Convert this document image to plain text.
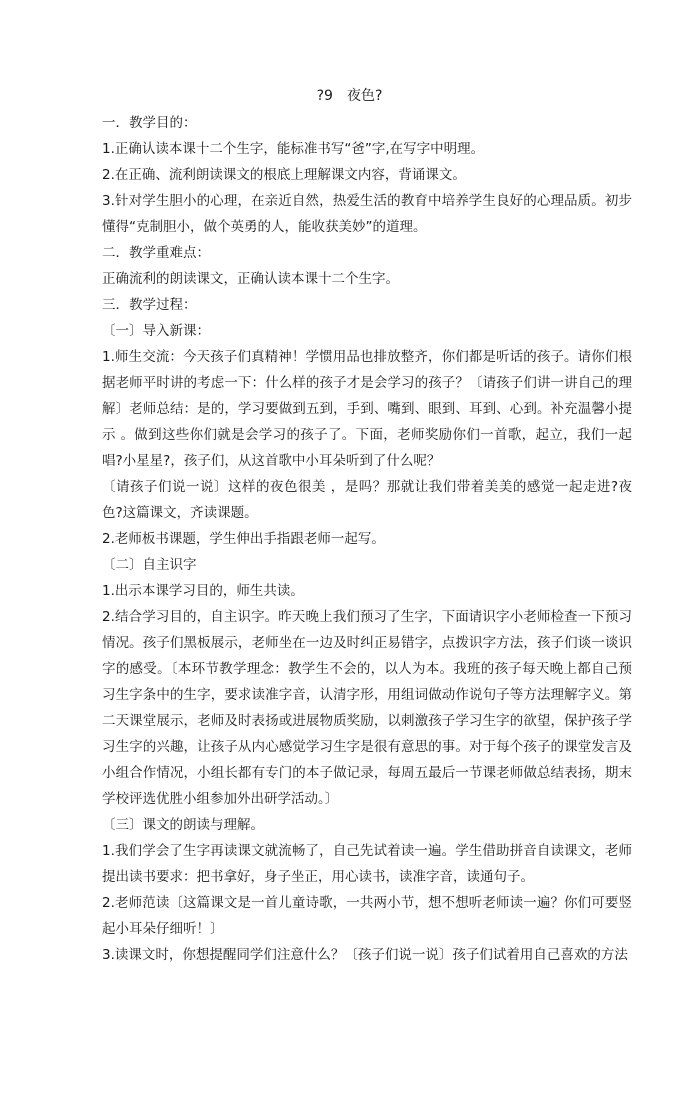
?9　夜色?

一．教学目的：

1.正确认读本课十二个生字，能标准书写“爸”字,在写字中明理。

2.在正确、流利朗读课文的根底上理解课文内容，背诵课文。

3.针对学生胆小的心理，在亲近自然，热爱生活的教育中培养学生良好的心理品质。初步懂得“克制胆小，做个英勇的人，能收获美妙”的道理。

二．教学重难点：

正确流利的朗读课文，正确认读本课十二个生字。

三．教学过程：

〔一〕导入新课：

1.师生交流：今天孩子们真精神！学惯用品也排放整齐，你们都是听话的孩子。请你们根据老师平时讲的考虑一下：什么样的孩子才是会学习的孩子？〔请孩子们讲一讲自己的理解〕老师总结：是的，学习要做到五到，手到、嘴到、眼到、耳到、心到。补充温馨小提示 。做到这些你们就是会学习的孩子了。下面，老师奖励你们一首歌，起立，我们一起唱?小星星?，孩子们，从这首歌中小耳朵听到了什么呢？

〔请孩子们说一说〕这样的夜色很美 ，是吗？那就让我们带着美美的感觉一起走进?夜色?这篇课文，齐读课题。

2.老师板书课题，学生伸出手指跟老师一起写。

〔二〕自主识字

1.出示本课学习目的，师生共读。

2.结合学习目的，自主识字。昨天晚上我们预习了生字，下面请识字小老师检查一下预习情况。孩子们黑板展示，老师坐在一边及时纠正易错字，点拨识字方法，孩子们谈一谈识字的感受。〔本环节教学理念：教学生不会的，以人为本。我班的孩子每天晚上都自己预习生字条中的生字，要求读准字音，认清字形，用组词做动作说句子等方法理解字义。第二天课堂展示，老师及时表扬或进展物质奖励，以刺激孩子学习生字的欲望，保护孩子学习生字的兴趣，让孩子从内心感觉学习生字是很有意思的事。对于每个孩子的课堂发言及小组合作情况，小组长都有专门的本子做记录，每周五最后一节课老师做总结表扬，期末学校评选优胜小组参加外出研学活动。〕

〔三〕课文的朗读与理解。

1.我们学会了生字再读课文就流畅了，自己先试着读一遍。学生借助拼音自读课文，老师提出读书要求：把书拿好，身子坐正，用心读书，读准字音，读通句子。

2.老师范读〔这篇课文是一首儿童诗歌，一共两小节，想不想听老师读一遍？你们可要竖起小耳朵仔细听！〕

3.读课文时，你想提醒同学们注意什么？〔孩子们说一说〕孩子们试着用自己喜欢的方法
